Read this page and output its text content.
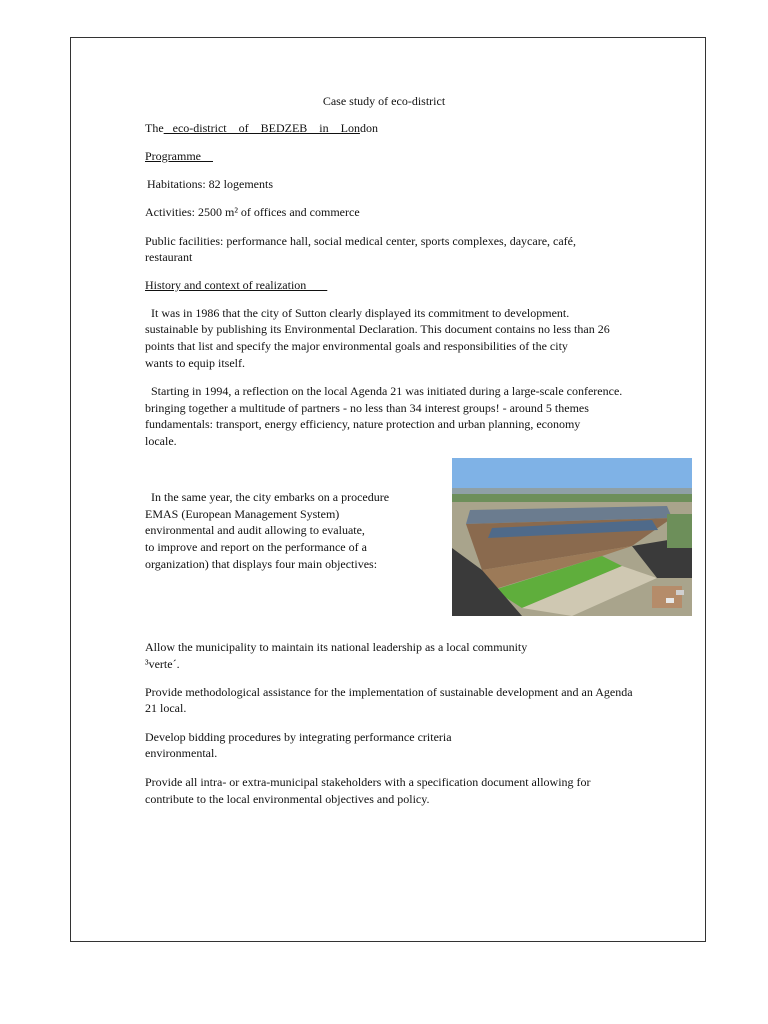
Case study of eco-district
The   eco-district    of    BEDZEB    in    London
Programme
Habitations: 82 logements
Activities: 2500 m² of offices and commerce
Public facilities: performance hall, social medical center, sports complexes, daycare, café,
restaurant
History and context of realization
It was in 1986 that the city of Sutton clearly displayed its commitment to development.
sustainable by publishing its Environmental Declaration. This document contains no less than 26
points that list and specify the major environmental goals and responsibilities of the city
wants to equip itself.
Starting in 1994, a reflection on the local Agenda 21 was initiated during a large-scale conference.
bringing together a multitude of partners - no less than 34 interest groups! - around 5 themes
fundamentals: transport, energy efficiency, nature protection and urban planning, economy
locale.
In the same year, the city embarks on a procedure
EMAS (European Management System)
environmental and audit allowing to evaluate,
to improve and report on the performance of a
organization) that displays four main objectives:
Allow the municipality to maintain its national leadership as a local community
³verte´.
Provide methodological assistance for the implementation of sustainable development and an Agenda
21 local.
Develop bidding procedures by integrating performance criteria
environmental.
Provide all intra- or extra-municipal stakeholders with a specification document allowing for
contribute to the local environmental objectives and policy.
